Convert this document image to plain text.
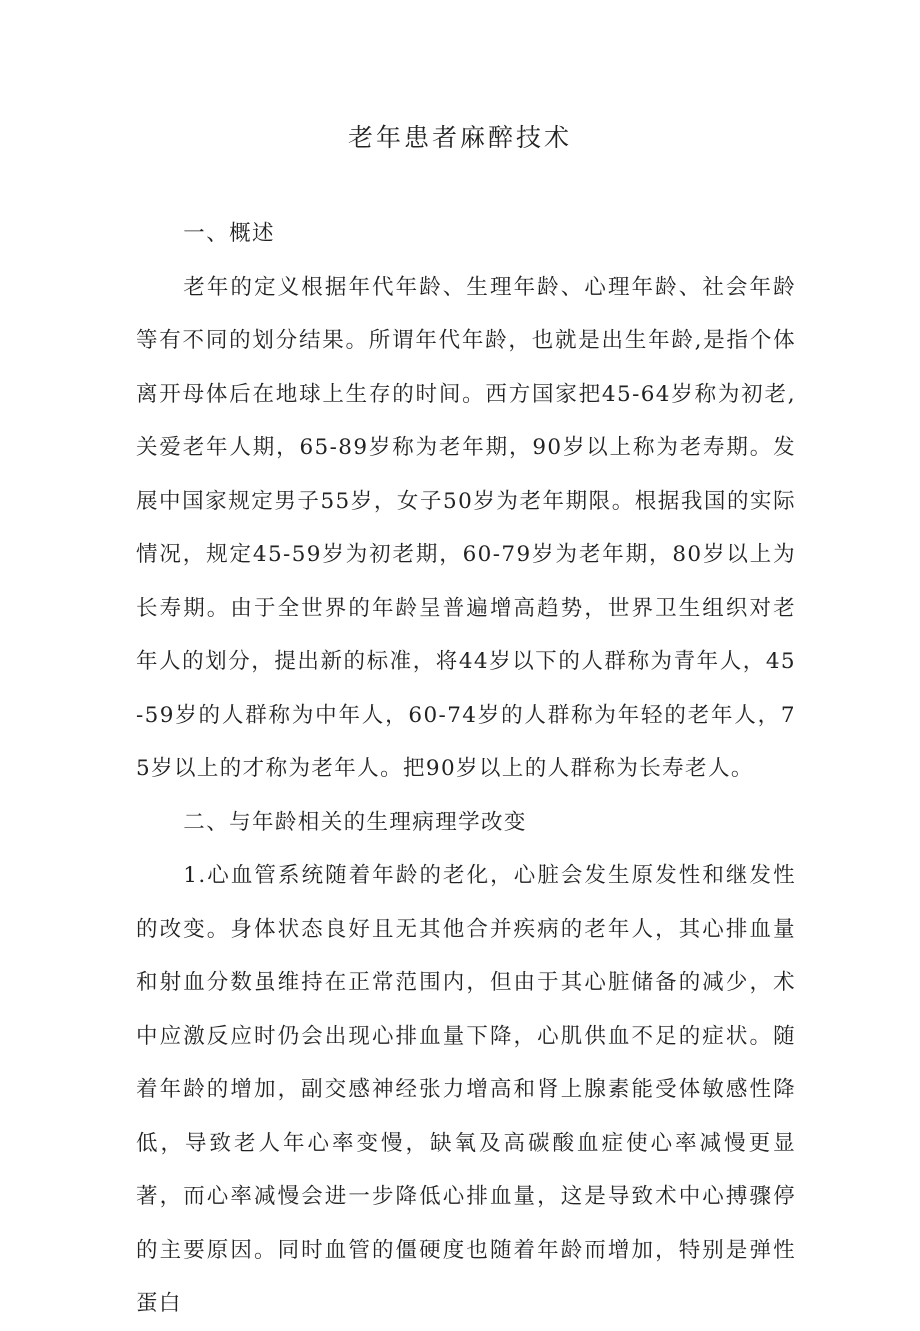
老年患者麻醉技术

一、概述

老年的定义根据年代年龄、生理年龄、心理年龄、社会年龄等有不同的划分结果。所谓年代年龄，也就是出生年龄,是指个体离开母体后在地球上生存的时间。西方国家把45-64岁称为初老,关爱老年人期，65-89岁称为老年期，90岁以上称为老寿期。发展中国家规定男子55岁，女子50岁为老年期限。根据我国的实际情况，规定45-59岁为初老期，60-79岁为老年期，80岁以上为长寿期。由于全世界的年龄呈普遍增高趋势，世界卫生组织对老年人的划分，提出新的标准，将44岁以下的人群称为青年人，45-59岁的人群称为中年人，60-74岁的人群称为年轻的老年人，75岁以上的才称为老年人。把90岁以上的人群称为长寿老人。

二、与年龄相关的生理病理学改变

1.心血管系统随着年龄的老化，心脏会发生原发性和继发性的改变。身体状态良好且无其他合并疾病的老年人，其心排血量和射血分数虽维持在正常范围内，但由于其心脏储备的减少，术中应激反应时仍会出现心排血量下降，心肌供血不足的症状。随着年龄的增加，副交感神经张力增高和肾上腺素能受体敏感性降低，导致老人年心率变慢，缺氧及高碳酸血症使心率减慢更显著，而心率减慢会进一步降低心排血量，这是导致术中心搏骤停的主要原因。同时血管的僵硬度也随着年龄而增加，特别是弹性蛋白
